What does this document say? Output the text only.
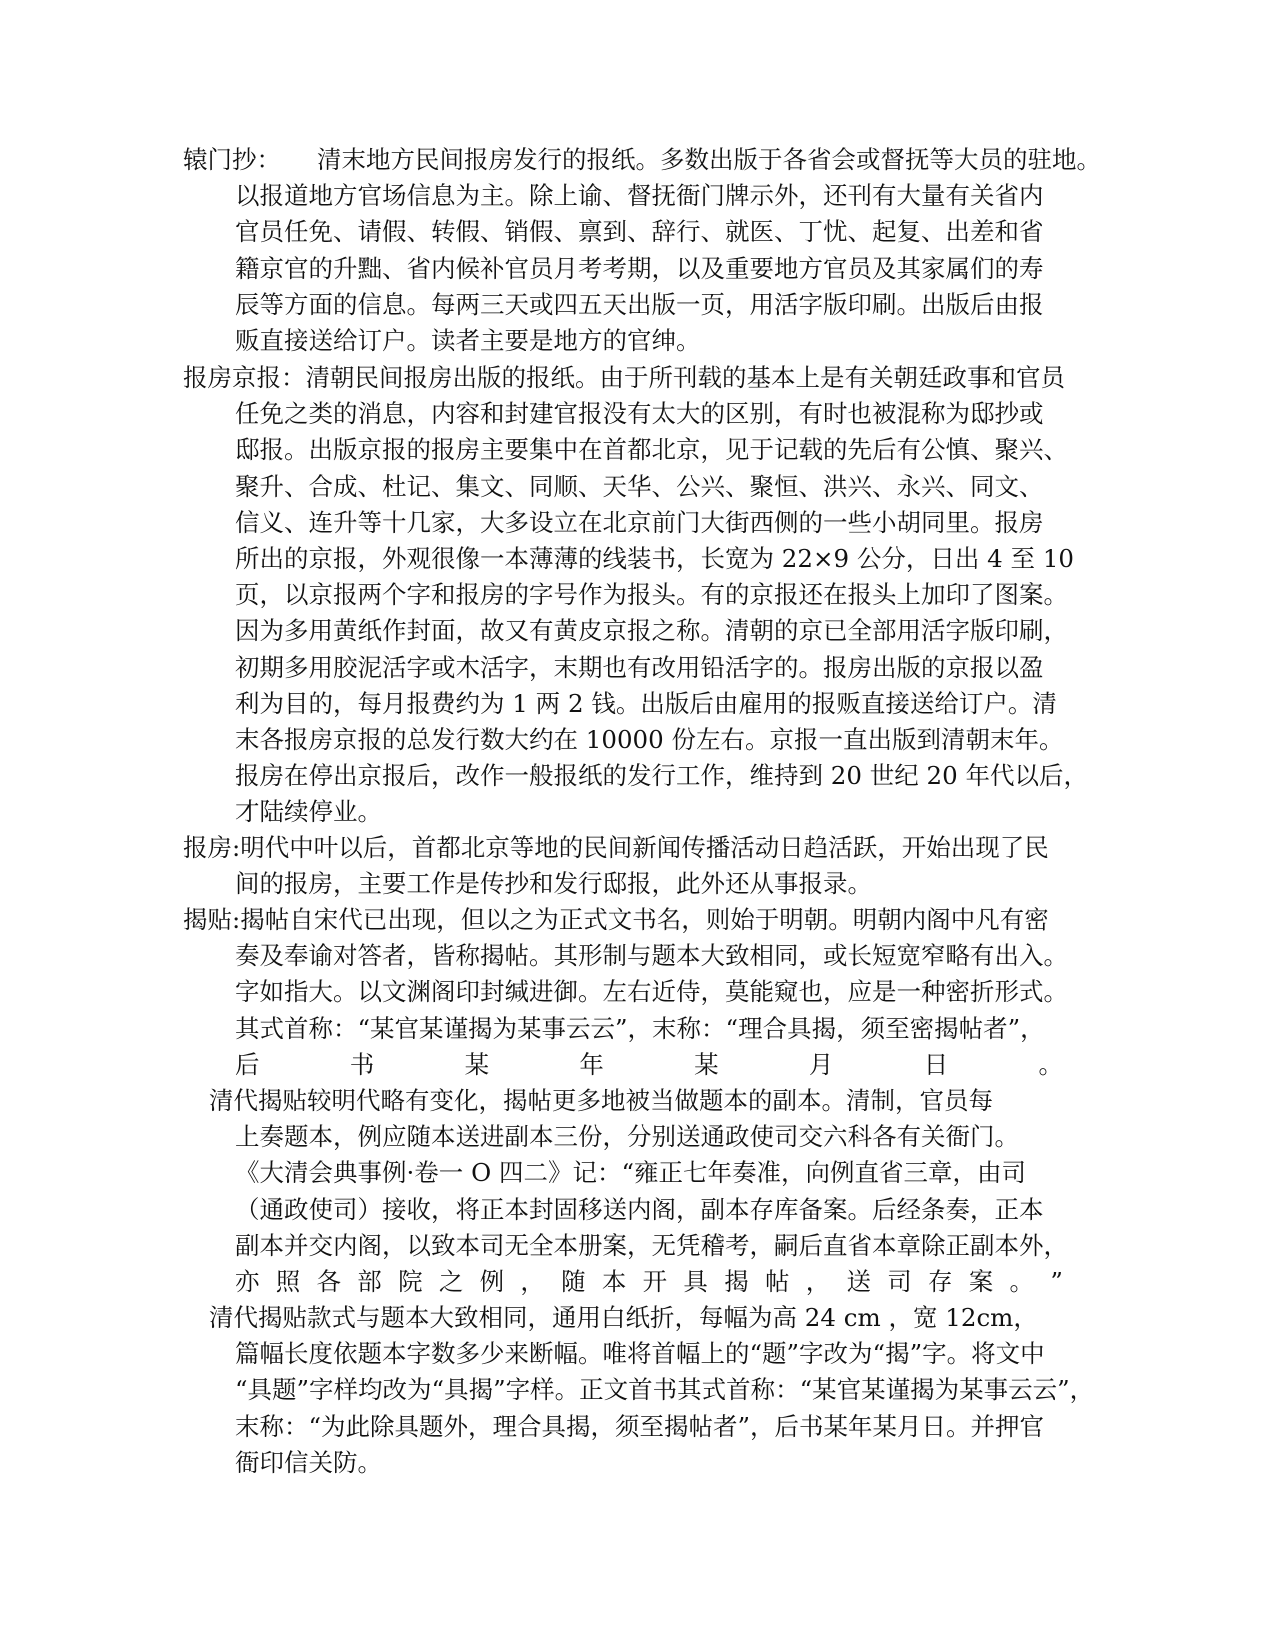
辕门抄： 清末地方民间报房发行的报纸。多数出版于各省会或督抚等大员的驻地。
以报道地方官场信息为主。除上谕、督抚衙门牌示外，还刊有大量有关省内
官员任免、请假、转假、销假、禀到、辞行、就医、丁忧、起复、出差和省
籍京官的升黜、省内候补官员月考考期，以及重要地方官员及其家属们的寿
辰等方面的信息。每两三天或四五天出版一页，用活字版印刷。出版后由报
贩直接送给订户。读者主要是地方的官绅。
报房京报：清朝民间报房出版的报纸。由于所刊载的基本上是有关朝廷政事和官员
任免之类的消息，内容和封建官报没有太大的区别，有时也被混称为邸抄或
邸报。出版京报的报房主要集中在首都北京，见于记载的先后有公慎、聚兴、
聚升、合成、杜记、集文、同顺、天华、公兴、聚恒、洪兴、永兴、同文、
信义、连升等十几家，大多设立在北京前门大街西侧的一些小胡同里。报房
所出的京报，外观很像一本薄薄的线装书，长宽为 22×9 公分，日出 4 至 10
页，以京报两个字和报房的字号作为报头。有的京报还在报头上加印了图案。
因为多用黄纸作封面，故又有黄皮京报之称。清朝的京已全部用活字版印刷，
初期多用胶泥活字或木活字，末期也有改用铅活字的。报房出版的京报以盈
利为目的，每月报费约为 1 两 2 钱。出版后由雇用的报贩直接送给订户。清
末各报房京报的总发行数大约在 10000 份左右。京报一直出版到清朝末年。
报房在停出京报后，改作一般报纸的发行工作，维持到 20 世纪 20 年代以后，
才陆续停业。
报房:明代中叶以后，首都北京等地的民间新闻传播活动日趋活跃，开始出现了民
间的报房，主要工作是传抄和发行邸报，此外还从事报录。
揭贴:揭帖自宋代已出现，但以之为正式文书名，则始于明朝。明朝内阁中凡有密
奏及奉谕对答者，皆称揭帖。其形制与题本大致相同，或长短宽窄略有出入。
字如指大。以文渊阁印封缄进御。左右近侍，莫能窥也，应是一种密折形式。
其式首称：“某官某谨揭为某事云云”，末称：“理合具揭，须至密揭帖者”，
后	书	某	年	某	月	日	。
清代揭贴较明代略有变化，揭帖更多地被当做题本的副本。清制，官员每
上奏题本，例应随本送进副本三份，分别送通政使司交六科各有关衙门。
《大清会典事例·卷一 O 四二》记：“雍正七年奏准，向例直省三章，由司
（通政使司）接收，将正本封固移送内阁，副本存库备案。后经条奏，正本
副本并交内阁，以致本司无全本册案，无凭稽考，嗣后直省本章除正副本外，
亦 照 各 部 院 之 例 ， 随 本 开 具 揭 帖 ， 送 司 存 案 。 ”
清代揭贴款式与题本大致相同，通用白纸折，每幅为高 24 cm ，宽 12cm，
篇幅长度依题本字数多少来断幅。唯将首幅上的“题”字改为“揭”字。将文中
“具题”字样均改为“具揭”字样。正文首书其式首称：“某官某谨揭为某事云云”，
末称：“为此除具题外，理合具揭，须至揭帖者”，后书某年某月日。并押官
衙印信关防。
